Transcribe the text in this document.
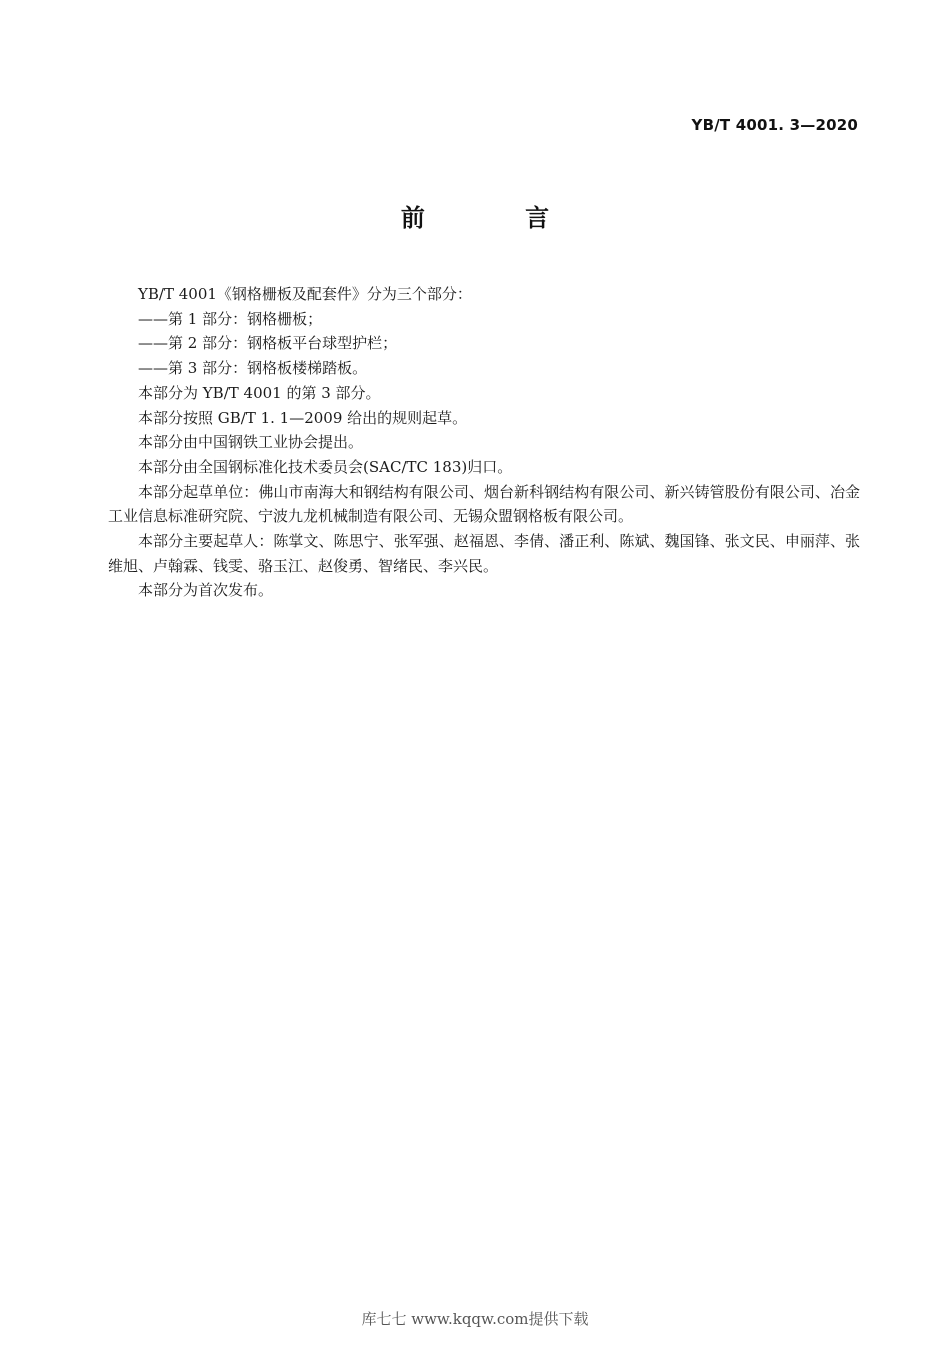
YB/T 4001. 3—2020
前 言

YB/T 4001《钢格栅板及配套件》分为三个部分：

——第 1 部分：钢格栅板；

——第 2 部分：钢格板平台球型护栏；

——第 3 部分：钢格板楼梯踏板。

本部分为 YB/T 4001 的第 3 部分。

本部分按照 GB/T 1. 1—2009 给出的规则起草。

本部分由中国钢铁工业协会提出。

本部分由全国钢标准化技术委员会(SAC/TC 183)归口。

本部分起草单位：佛山市南海大和钢结构有限公司、烟台新科钢结构有限公司、新兴铸管股份有限公司、冶金工业信息标准研究院、宁波九龙机械制造有限公司、无锡众盟钢格板有限公司。

本部分主要起草人：陈掌文、陈思宁、张军强、赵福恩、李倩、潘正利、陈斌、魏国锋、张文民、申丽萍、张维旭、卢翰霖、钱雯、骆玉江、赵俊勇、智绪民、李兴民。

本部分为首次发布。

库七七 www.kqqw.com提供下载
